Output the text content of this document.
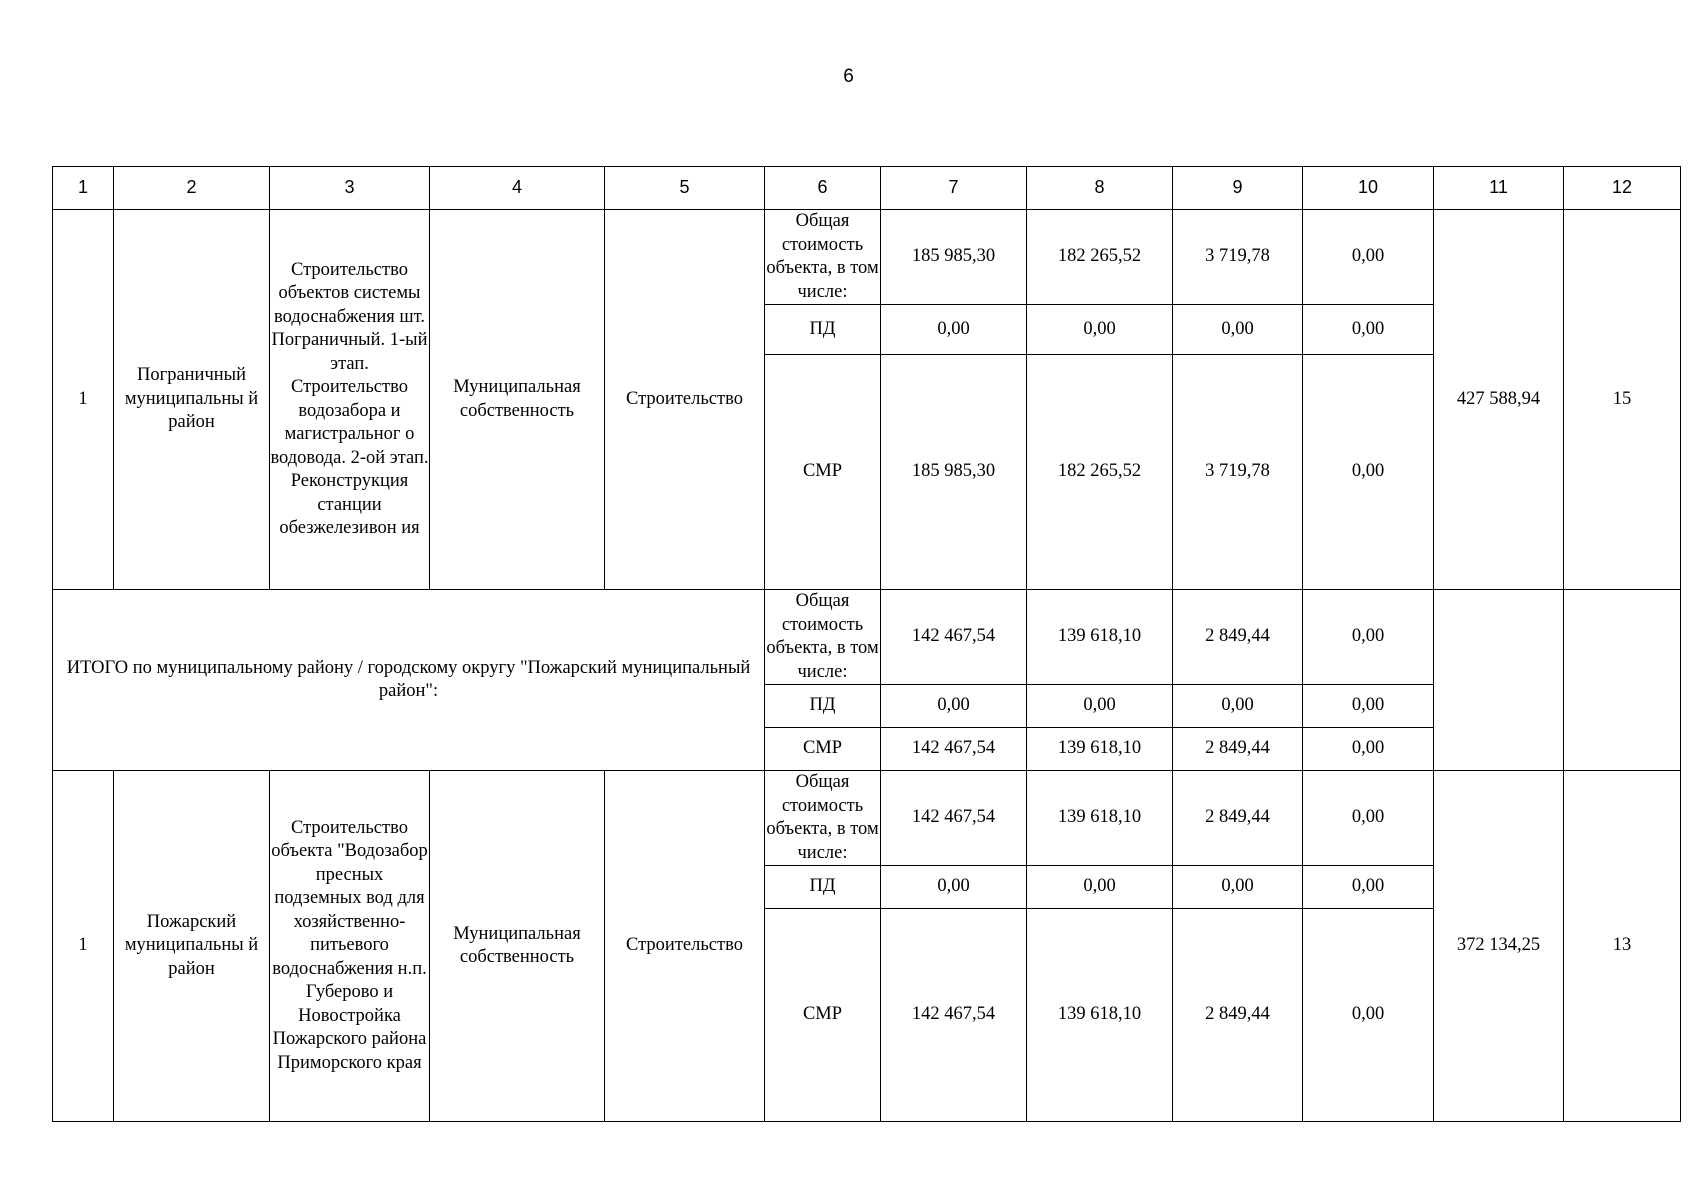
6
1	2	3	4	5	6	7	8	9	10	11	12
1	Пограничный муниципальны й район	Строительство объектов системы водоснабжения шт. Пограничный. 1-ый этап. Строительство водозабора и магистральног о водовода. 2-ой этап. Реконструкция станции обезжелезивон ия	Муниципальная собственность	Строительство	Общая стоимость объекта, в том числе:	185 985,30	182 265,52	3 719,78	0,00	427 588,94	15
					ПД	0,00	0,00	0,00	0,00		
					СМР	185 985,30	182 265,52	3 719,78	0,00		
ИТОГО по муниципальному району / городскому округу "Пожарский муниципальный район":					Общая стоимость объекта, в том числе:	142 467,54	139 618,10	2 849,44	0,00		
					ПД	0,00	0,00	0,00	0,00		
					СМР	142 467,54	139 618,10	2 849,44	0,00		
1	Пожарский муниципальны й район	Строительство объекта "Водозабор пресных подземных вод для хозяйственно-питьевого водоснабжения н.п. Губерово и Новостройка Пожарского района Приморского края	Муниципальная собственность	Строительство	Общая стоимость объекта, в том числе:	142 467,54	139 618,10	2 849,44	0,00	372 134,25	13
					ПД	0,00	0,00	0,00	0,00		
					СМР	142 467,54	139 618,10	2 849,44	0,00		
